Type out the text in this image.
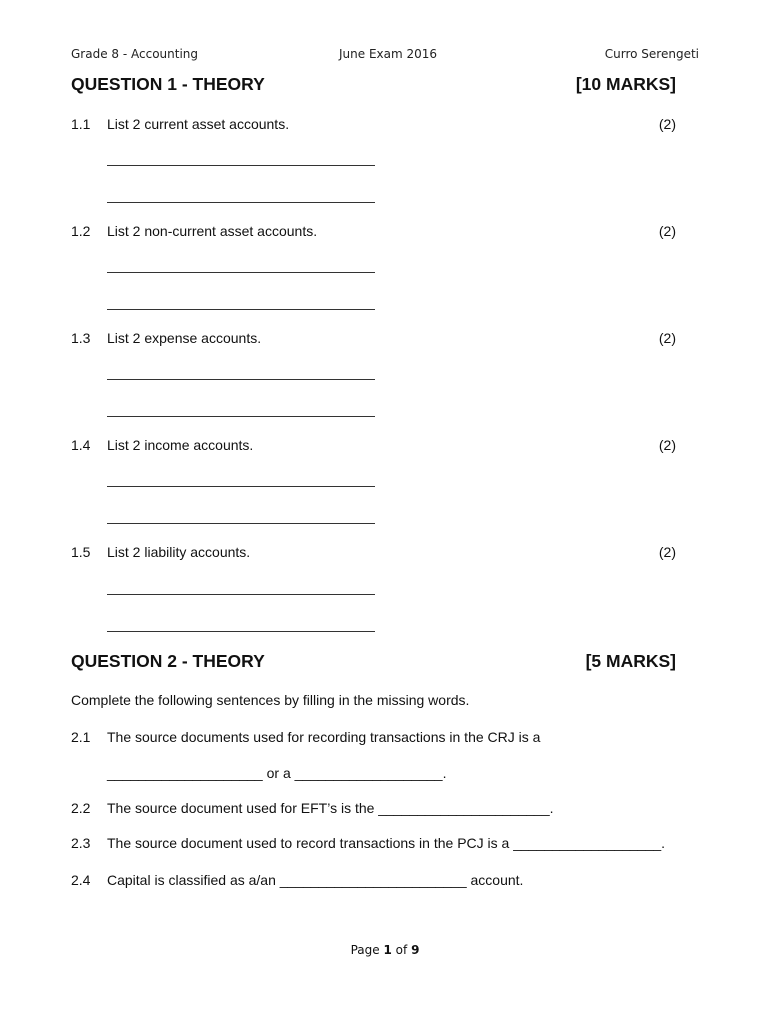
Grade 8 - Accounting	June Exam 2016	Curro Serengeti
QUESTION 1 - THEORY	[10 MARKS]
1.1 List 2 current asset accounts.	(2)
1.2 List 2 non-current asset accounts.	(2)
1.3 List 2 expense accounts.	(2)
1.4 List 2 income accounts.	(2)
1.5 List 2 liability accounts.	(2)
QUESTION 2 - THEORY	[5 MARKS]
Complete the following sentences by filling in the missing words.
2.1 The source documents used for recording transactions in the CRJ is a
____________________ or a ___________________.
2.2 The source document used for EFT’s is the ______________________.
2.3 The source document used to record transactions in the PCJ is a ___________________.
2.4 Capital is classified as a/an ________________________ account.
Page 1 of 9
